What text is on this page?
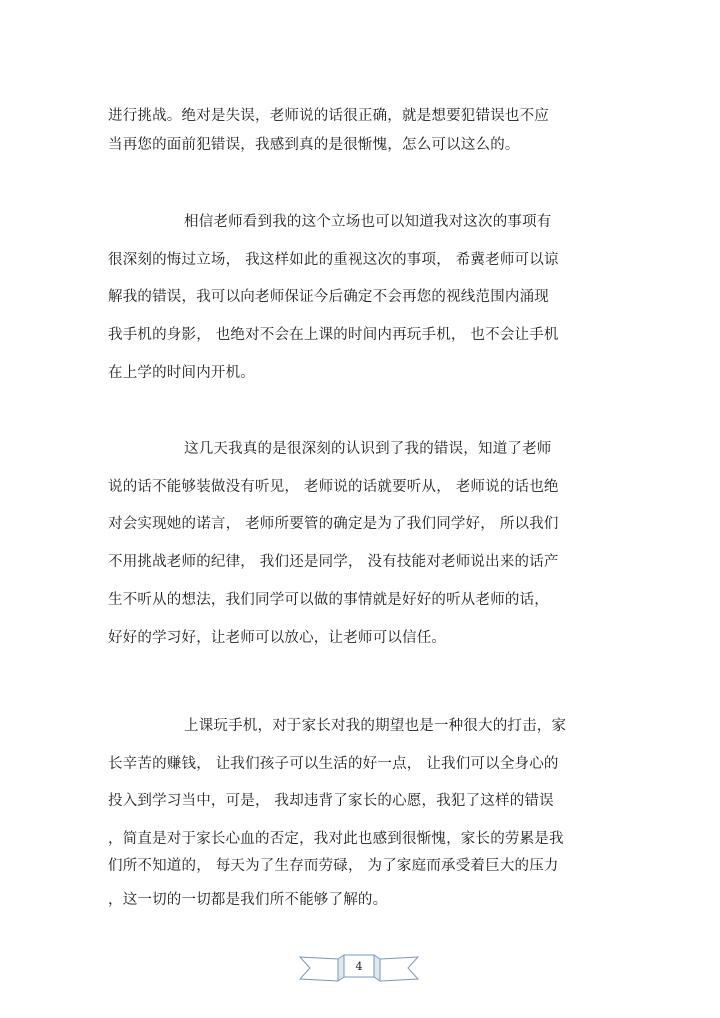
进行挑战。绝对是失误，老师说的话很正确，就是想要犯错误也不应
当再您的面前犯错误，我感到真的是很惭愧，怎么可以这么的。
相信老师看到我的这个立场也可以知道我对这次的事项有
很深刻的悔过立场， 我这样如此的重视这次的事项， 希冀老师可以谅
解我的错误，我可以向老师保证今后确定不会再您的视线范围内涌现
我手机的身影， 也绝对不会在上课的时间内再玩手机， 也不会让手机
在上学的时间内开机。
这几天我真的是很深刻的认识到了我的错误，知道了老师
说的话不能够装做没有听见， 老师说的话就要听从， 老师说的话也绝
对会实现她的诺言， 老师所要管的确定是为了我们同学好， 所以我们
不用挑战老师的纪律， 我们还是同学， 没有技能对老师说出来的话产
生不听从的想法，我们同学可以做的事情就是好好的听从老师的话，
好好的学习好，让老师可以放心，让老师可以信任。
上课玩手机，对于家长对我的期望也是一种很大的打击，家
长辛苦的赚钱， 让我们孩子可以生活的好一点， 让我们可以全身心的
投入到学习当中，可是， 我却违背了家长的心愿，我犯了这样的错误
，简直是对于家长心血的否定，我对此也感到很惭愧，家长的劳累是我
们所不知道的， 每天为了生存而劳碌， 为了家庭而承受着巨大的压力
，这一切的一切都是我们所不能够了解的。
4
